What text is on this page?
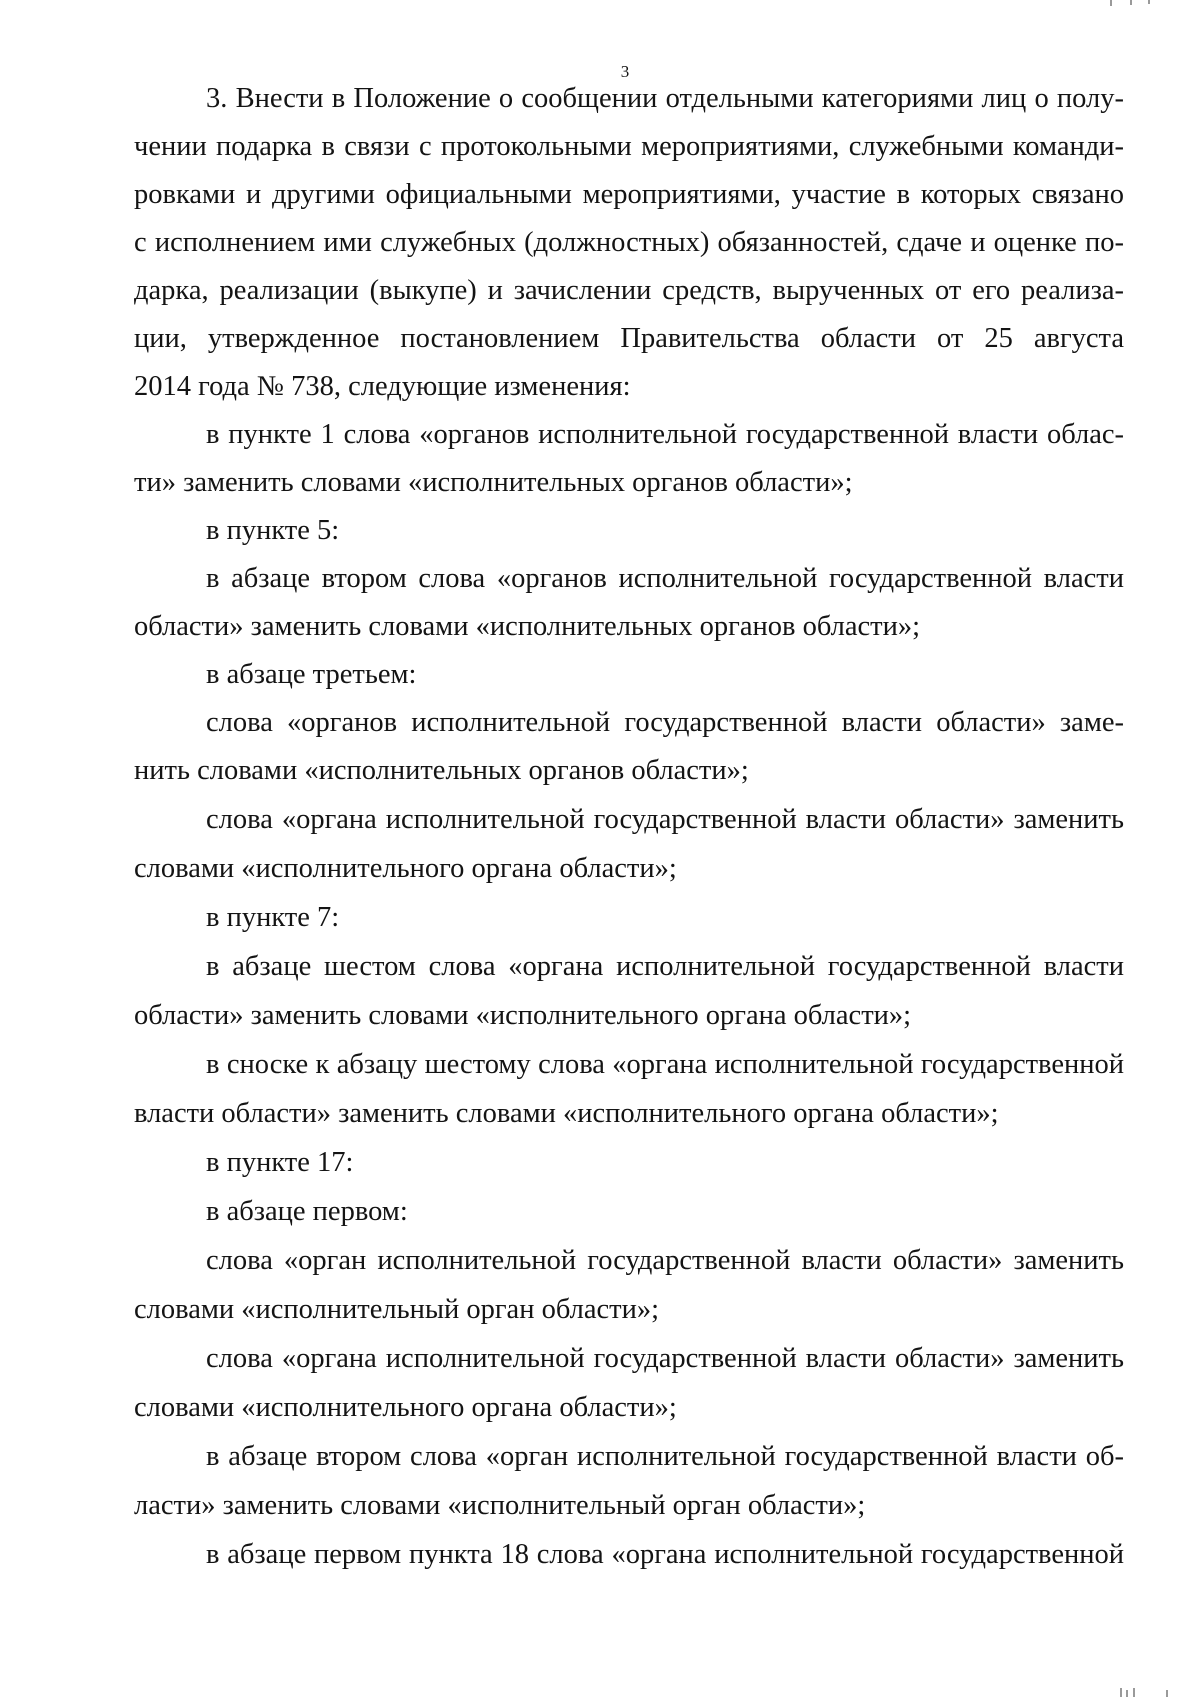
3
3. Внести в Положение о сообщении отдельными категориями лиц о полу-
чении подарка в связи с протокольными мероприятиями, служебными команди-
ровками и другими официальными мероприятиями, участие в которых связано
с исполнением ими служебных (должностных) обязанностей, сдаче и оценке по-
дарка, реализации (выкупе) и зачислении средств, вырученных от его реализа-
ции, утвержденное постановлением Правительства области от 25 августа
2014 года № 738, следующие изменения:
в пункте 1 слова «органов исполнительной государственной власти облас-
ти» заменить словами «исполнительных органов области»;
в пункте 5:
в абзаце втором слова «органов исполнительной государственной власти
области» заменить словами «исполнительных органов области»;
в абзаце третьем:
слова «органов исполнительной государственной власти области» заме-
нить словами «исполнительных органов области»;
слова «органа исполнительной государственной власти области» заменить
словами «исполнительного органа области»;
в пункте 7:
в абзаце шестом слова «органа исполнительной государственной власти
области» заменить словами «исполнительного органа области»;
в сноске к абзацу шестому слова «органа исполнительной государственной
власти области» заменить словами «исполнительного органа области»;
в пункте 17:
в абзаце первом:
слова «орган исполнительной государственной власти области» заменить
словами «исполнительный орган области»;
слова «органа исполнительной государственной власти области» заменить
словами «исполнительного органа области»;
в абзаце втором слова «орган исполнительной государственной власти об-
ласти» заменить словами «исполнительный орган области»;
в абзаце первом пункта 18 слова «органа исполнительной государственной
